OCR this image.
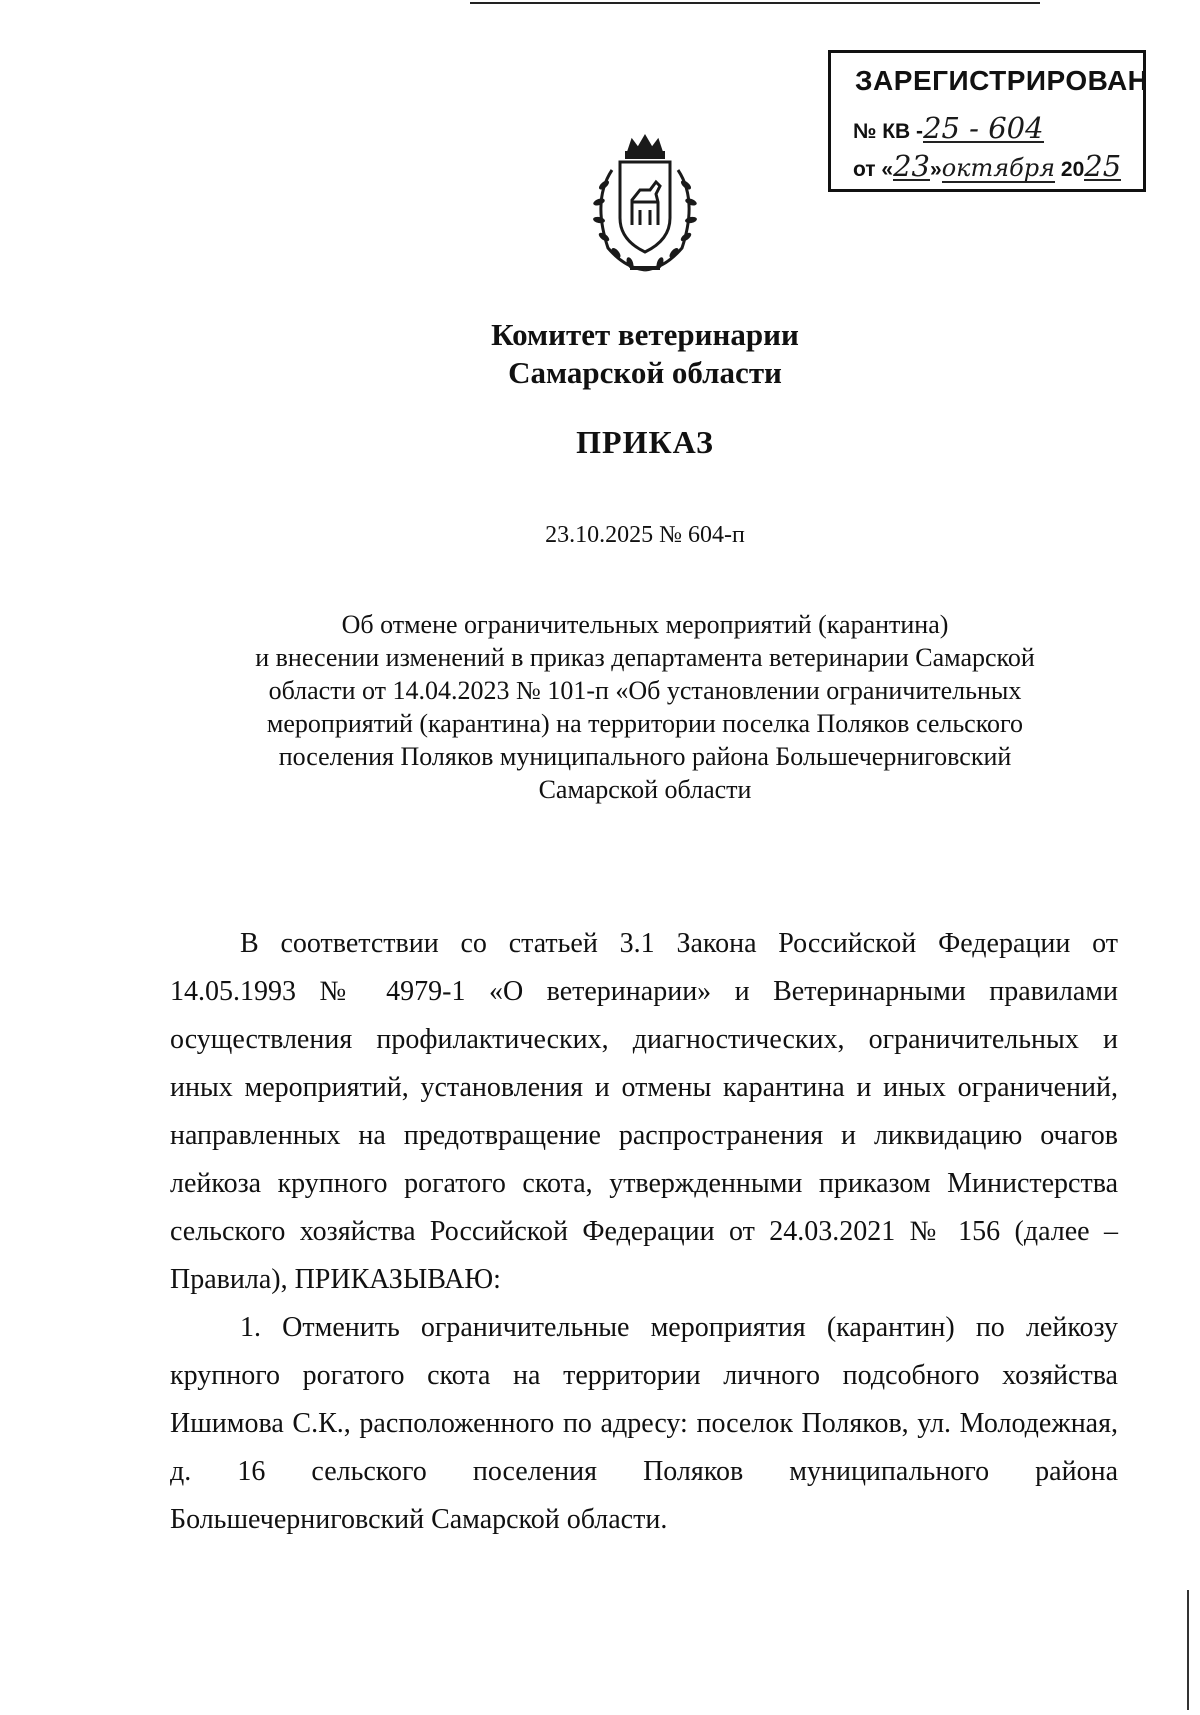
ЗАРЕГИСТРИРОВАН
№ КВ -25 - 604
от «23»октября 2025
Комитет ветеринарии
Самарской области
ПРИКАЗ
23.10.2025 № 604-п
Об отмене ограничительных мероприятий (карантина)
и внесении изменений в приказ департамента ветеринарии Самарской
области от 14.04.2023 № 101-п «Об установлении ограничительных
мероприятий (карантина) на территории поселка Поляков сельского
поселения Поляков муниципального района Большечерниговский
Самарской области

В соответствии со статьей 3.1 Закона Российской Федерации от 14.05.1993 № 4979-1 «О ветеринарии» и Ветеринарными правилами осуществления профилактических, диагностических, ограничительных и иных мероприятий, установления и отмены карантина и иных ограничений, направленных на предотвращение распространения и ликвидацию очагов лейкоза крупного рогатого скота, утвержденными приказом Министерства сельского хозяйства Российской Федерации от 24.03.2021 № 156 (далее – Правила), ПРИКАЗЫВАЮ:

1. Отменить ограничительные мероприятия (карантин) по лейкозу крупного рогатого скота на территории личного подсобного хозяйства Ишимова С.К., расположенного по адресу: поселок Поляков, ул. Молодежная, д. 16 сельского поселения Поляков муниципального района Большечерниговский Самарской области.
